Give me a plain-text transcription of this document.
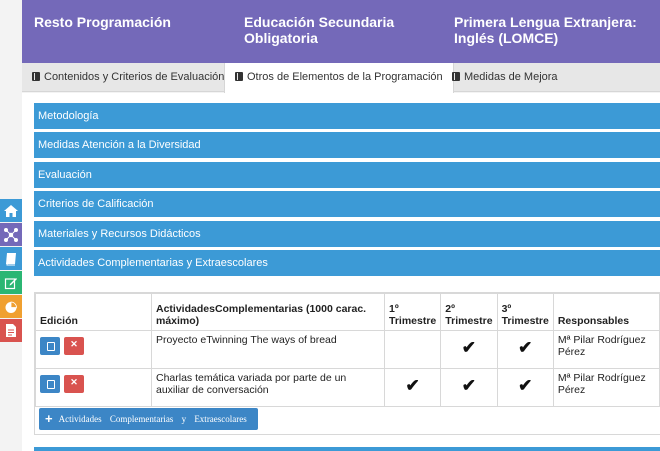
Resto Programación	Educación Secundaria Obligatoria
Primera Lengua Extranjera: Inglés (LOMCE)
Contenidos y Criterios de Evaluación	Otros de Elementos de la Programación	Medidas de Mejora
Metodología
Medidas Atención a la Diversidad
Evaluación
Criterios de Calificación
Materiales y Recursos Didácticos
Actividades Complementarias y Extraescolares
Edición	ActividadesComplementarias (1000 carac. máximo)	1º Trimestre	2º Trimestre	3º Trimestre	Responsables
✕	Proyecto eTwinning The ways of bread		✔	✔	Mª Pilar Rodríguez Pérez
✕	Charlas temática variada por parte de un auxiliar de conversación	✔	✔	✔	Mª Pilar Rodríguez Pérez
+ Actividades Complementarias y Extraescolares
